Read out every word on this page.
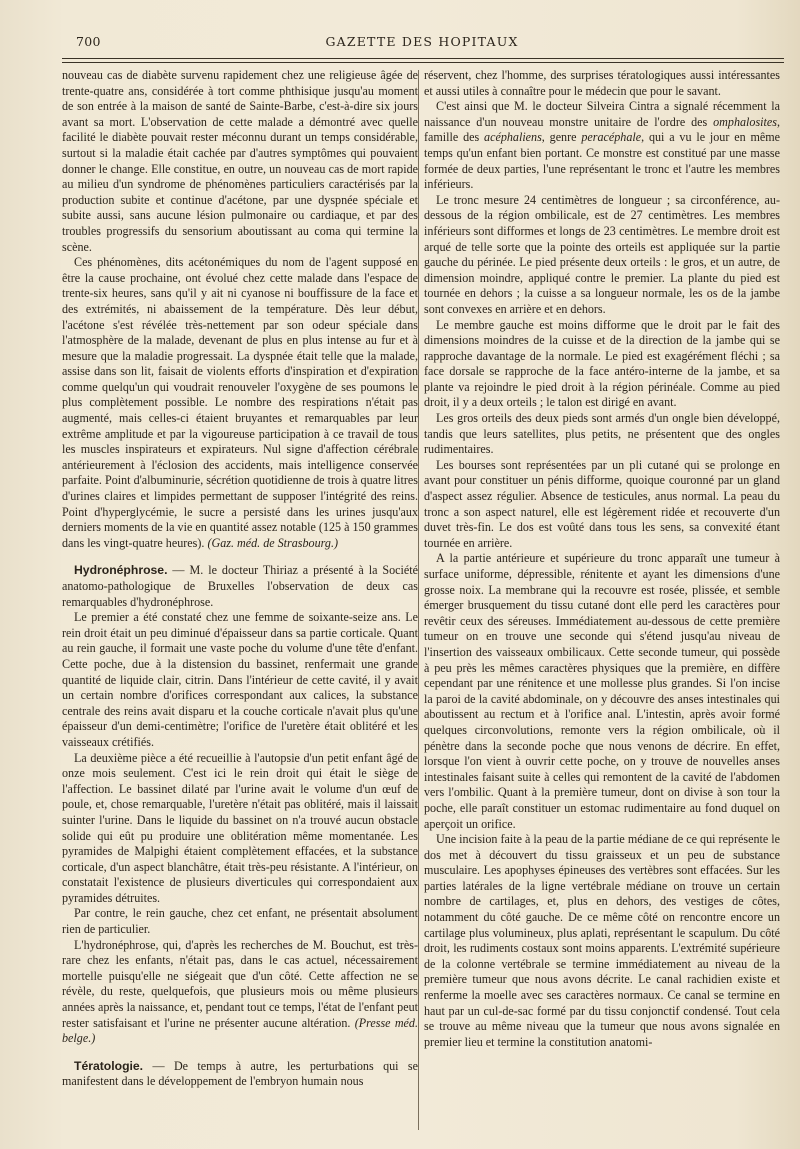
700	GAZETTE DES HOPITAUX

nouveau cas de diabète survenu rapidement chez une religieuse âgée de trente-quatre ans, considérée à tort comme phthisique jusqu'au moment de son entrée à la maison de santé de Sainte-Barbe, c'est-à-dire six jours avant sa mort. L'observation de cette malade a démontré avec quelle facilité le diabète pouvait rester méconnu durant un temps considérable, surtout si la maladie était cachée par d'autres symptômes qui pouvaient donner le change. Elle constitue, en outre, un nouveau cas de mort rapide au milieu d'un syndrome de phénomènes particuliers caractérisés par la production subite et continue d'acétone, par une dyspnée spéciale et subite aussi, sans aucune lésion pulmonaire ou cardiaque, et par des troubles progressifs du sensorium aboutissant au coma qui termine la scène.

Ces phénomènes, dits acétonémiques du nom de l'agent supposé en être la cause prochaine, ont évolué chez cette malade dans l'espace de trente-six heures, sans qu'il y ait ni cyanose ni bouffissure de la face et des extrémités, ni abaissement de la température. Dès leur début, l'acétone s'est révélée très-nettement par son odeur spéciale dans l'atmosphère de la malade, devenant de plus en plus intense au fur et à mesure que la maladie progressait. La dyspnée était telle que la malade, assise dans son lit, faisait de violents efforts d'inspiration et d'expiration comme quelqu'un qui voudrait renouveler l'oxygène de ses poumons le plus complètement possible. Le nombre des respirations n'était pas augmenté, mais celles-ci étaient bruyantes et remarquables par leur extrême amplitude et par la vigoureuse participation à ce travail de tous les muscles inspirateurs et expirateurs. Nul signe d'affection cérébrale antérieurement à l'éclosion des accidents, mais intelligence conservée parfaite. Point d'albuminurie, sécrétion quotidienne de trois à quatre litres d'urines claires et limpides permettant de supposer l'intégrité des reins. Point d'hyperglycémie, le sucre a persisté dans les urines jusqu'aux derniers moments de la vie en quantité assez notable (125 à 150 grammes dans les vingt-quatre heures). (Gaz. méd. de Strasbourg.)

Hydronéphrose. — M. le docteur Thiriaz a présenté à la Société anatomo-pathologique de Bruxelles l'observation de deux cas remarquables d'hydronéphrose.

Le premier a été constaté chez une femme de soixante-seize ans. Le rein droit était un peu diminué d'épaisseur dans sa partie corticale. Quant au rein gauche, il formait une vaste poche du volume d'une tête d'enfant. Cette poche, due à la distension du bassinet, renfermait une grande quantité de liquide clair, citrin. Dans l'intérieur de cette cavité, il y avait un certain nombre d'orifices correspondant aux calices, la substance centrale des reins avait disparu et la couche corticale n'avait plus qu'une épaisseur d'un demi-centimètre; l'orifice de l'uretère était oblitéré et les vaisseaux crétifiés.

La deuxième pièce a été recueillie à l'autopsie d'un petit enfant âgé de onze mois seulement. C'est ici le rein droit qui était le siège de l'affection. Le bassinet dilaté par l'urine avait le volume d'un œuf de poule, et, chose remarquable, l'uretère n'était pas oblitéré, mais il laissait suinter l'urine. Dans le liquide du bassinet on n'a trouvé aucun obstacle solide qui eût pu produire une oblitération même momentanée. Les pyramides de Malpighi étaient complètement effacées, et la substance corticale, d'un aspect blanchâtre, était très-peu résistante. A l'intérieur, on constatait l'existence de plusieurs diverticules qui correspondaient aux pyramides détruites.

Par contre, le rein gauche, chez cet enfant, ne présentait absolument rien de particulier.

L'hydronéphrose, qui, d'après les recherches de M. Bouchut, est très-rare chez les enfants, n'était pas, dans le cas actuel, nécessairement mortelle puisqu'elle ne siégeait que d'un côté. Cette affection ne se révèle, du reste, quelquefois, que plusieurs mois ou même plusieurs années après la naissance, et, pendant tout ce temps, l'état de l'enfant peut rester satisfaisant et l'urine ne présenter aucune altération. (Presse méd. belge.)

Tératologie. — De temps à autre, les perturbations qui se manifestent dans le développement de l'embryon humain nous

réservent, chez l'homme, des surprises tératologiques aussi intéressantes et aussi utiles à connaître pour le médecin que pour le savant.

C'est ainsi que M. le docteur Silveira Cintra a signalé récemment la naissance d'un nouveau monstre unitaire de l'ordre des omphalosites, famille des acéphaliens, genre peracéphale, qui a vu le jour en même temps qu'un enfant bien portant. Ce monstre est constitué par une masse formée de deux parties, l'une représentant le tronc et l'autre les membres inférieurs.

Le tronc mesure 24 centimètres de longueur ; sa circonférence, au-dessous de la région ombilicale, est de 27 centimètres. Les membres inférieurs sont difformes et longs de 23 centimètres. Le membre droit est arqué de telle sorte que la pointe des orteils est appliquée sur la partie gauche du périnée. Le pied présente deux orteils : le gros, et un autre, de dimension moindre, appliqué contre le premier. La plante du pied est tournée en dehors ; la cuisse a sa longueur normale, les os de la jambe sont convexes en arrière et en dehors.

Le membre gauche est moins difforme que le droit par le fait des dimensions moindres de la cuisse et de la direction de la jambe qui se rapproche davantage de la normale. Le pied est exagérément fléchi ; sa face dorsale se rapproche de la face antéro-interne de la jambe, et sa plante va rejoindre le pied droit à la région périnéale. Comme au pied droit, il y a deux orteils ; le talon est dirigé en avant.

Les gros orteils des deux pieds sont armés d'un ongle bien développé, tandis que leurs satellites, plus petits, ne présentent que des ongles rudimentaires.

Les bourses sont représentées par un pli cutané qui se prolonge en avant pour constituer un pénis difforme, quoique couronné par un gland d'aspect assez régulier. Absence de testicules, anus normal. La peau du tronc a son aspect naturel, elle est légèrement ridée et recouverte d'un duvet très-fin. Le dos est voûté dans tous les sens, sa convexité étant tournée en arrière.

A la partie antérieure et supérieure du tronc apparaît une tumeur à surface uniforme, dépressible, rénitente et ayant les dimensions d'une grosse noix. La membrane qui la recouvre est rosée, plissée, et semble émerger brusquement du tissu cutané dont elle perd les caractères pour revêtir ceux des séreuses. Immédiatement au-dessous de cette première tumeur on en trouve une seconde qui s'étend jusqu'au niveau de l'insertion des vaisseaux ombilicaux. Cette seconde tumeur, qui possède à peu près les mêmes caractères physiques que la première, en diffère cependant par une rénitence et une mollesse plus grandes. Si l'on incise la paroi de la cavité abdominale, on y découvre des anses intestinales qui aboutissent au rectum et à l'orifice anal. L'intestin, après avoir formé quelques circonvolutions, remonte vers la région ombilicale, où il pénètre dans la seconde poche que nous venons de décrire. En effet, lorsque l'on vient à ouvrir cette poche, on y trouve de nouvelles anses intestinales faisant suite à celles qui remontent de la cavité de l'abdomen vers l'ombilic. Quant à la première tumeur, dont on divise à son tour la poche, elle paraît constituer un estomac rudimentaire au fond duquel on aperçoit un orifice.

Une incision faite à la peau de la partie médiane de ce qui représente le dos met à découvert du tissu graisseux et un peu de substance musculaire. Les apophyses épineuses des vertèbres sont effacées. Sur les parties latérales de la ligne vertébrale médiane on trouve un certain nombre de cartilages, et, plus en dehors, des vestiges de côtes, notamment du côté gauche. De ce même côté on rencontre encore un cartilage plus volumineux, plus aplati, représentant le scapulum. Du côté droit, les rudiments costaux sont moins apparents. L'extrémité supérieure de la colonne vertébrale se termine immédiatement au niveau de la première tumeur que nous avons décrite. Le canal rachidien existe et renferme la moelle avec ses caractères normaux. Ce canal se termine en haut par un cul-de-sac formé par du tissu conjonctif condensé. Tout cela se trouve au même niveau que la tumeur que nous avons signalée en premier lieu et termine la constitution anatomi-
